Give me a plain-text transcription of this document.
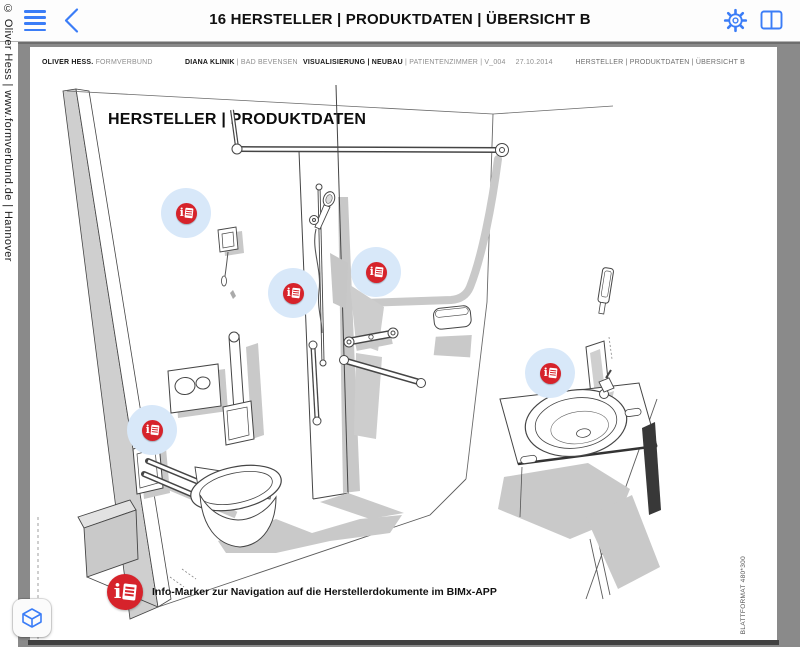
16 HERSTELLER | PRODUKTDATEN | ÜBERSICHT B
© Oliver Hess | www.formverbund.de | Hannover	OLIVER HESS. FORMVERBUND	DIANA KLINIK | BAD BEVENSEN VISUALISIERUNG | NEUBAU | PATIENTENZIMMER | V_004 27.10.2014	HERSTELLER | PRODUKTDATEN | ÜBERSICHT B
HERSTELLER | PRODUKTDATEN
i
i
i
i
i
i	Info-Marker zur Navigation auf die Herstellerdokumente im BIMx-APP	BLATTFORMAT 480*300
